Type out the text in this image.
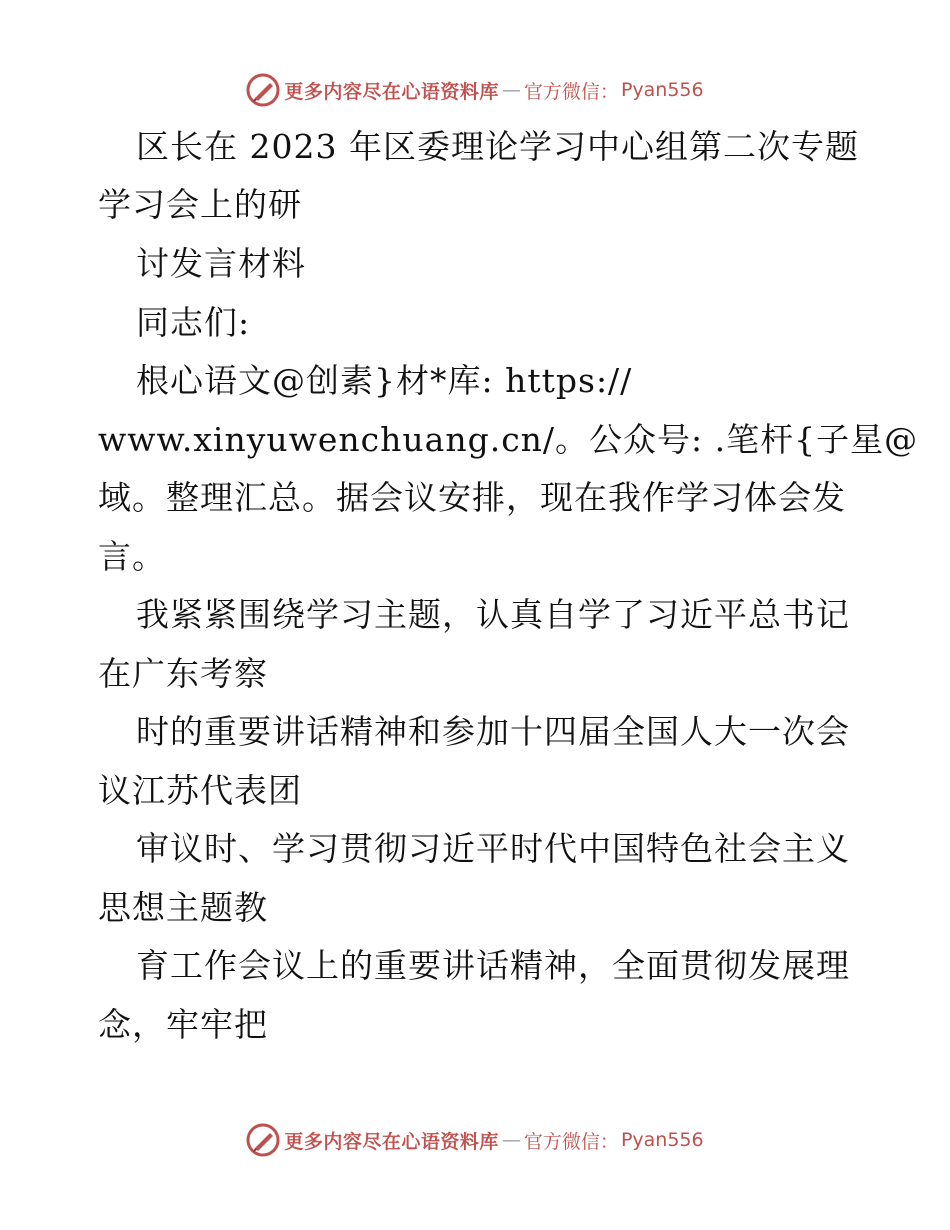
更多内容尽在心语资料库 — 官方微信： Pyan556
区长在 2023 年区委理论学习中心组第二次专题
学习会上的研
讨发言材料
同志们:
根心语文@创素}材*库: https://
www.xinyuwenchuang.cn/。公众号: .笔杆{子星@
域。整理汇总。据会议安排，现在我作学习体会发
言。
我紧紧围绕学习主题，认真自学了习近平总书记
在广东考察
时的重要讲话精神和参加十四届全国人大一次会
议江苏代表团
审议时、学习贯彻习近平时代中国特色社会主义
思想主题教
育工作会议上的重要讲话精神，全面贯彻发展理
念，牢牢把
更多内容尽在心语资料库 — 官方微信： Pyan556
